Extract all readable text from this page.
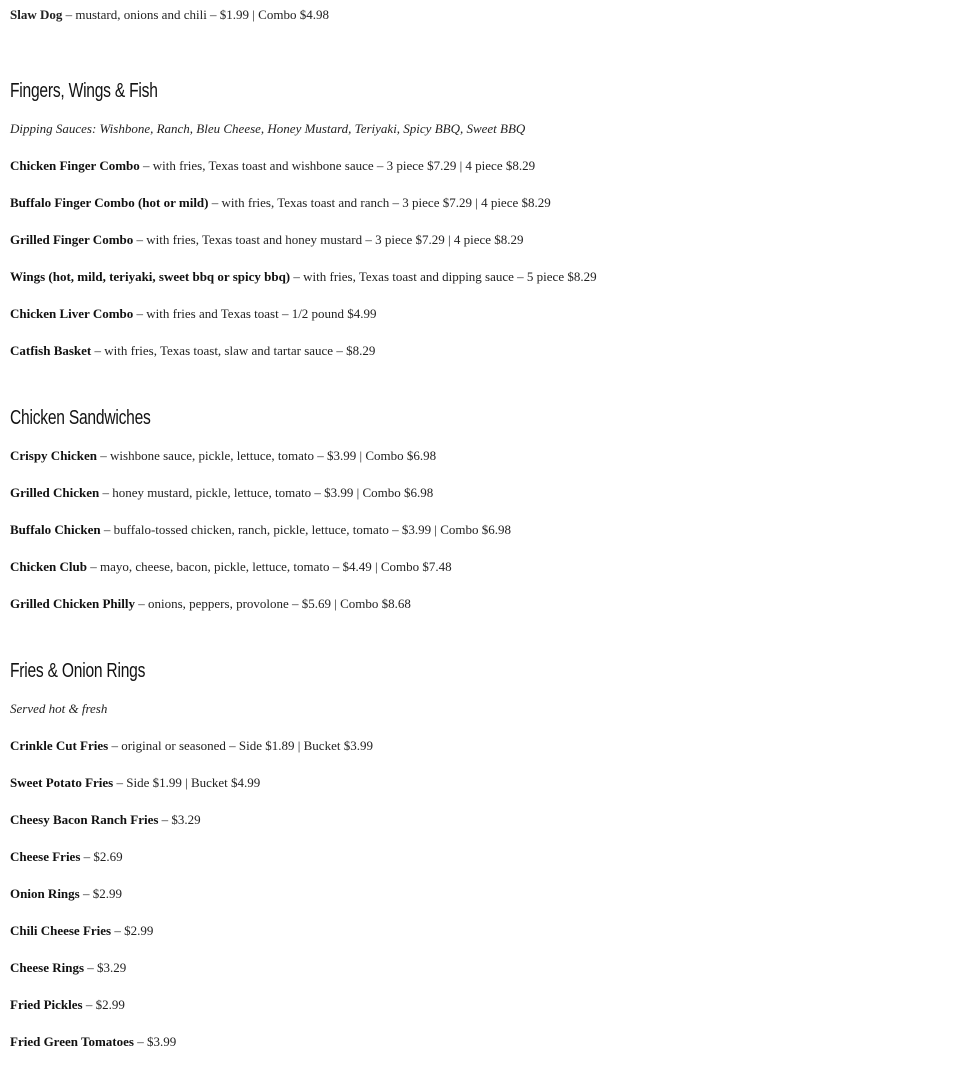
Slaw Dog – mustard, onions and chili – $1.99 | Combo $4.98
Fingers, Wings & Fish
Dipping Sauces: Wishbone, Ranch, Bleu Cheese, Honey Mustard, Teriyaki, Spicy BBQ, Sweet BBQ
Chicken Finger Combo – with fries, Texas toast and wishbone sauce – 3 piece $7.29 | 4 piece $8.29
Buffalo Finger Combo (hot or mild) – with fries, Texas toast and ranch – 3 piece $7.29 | 4 piece $8.29
Grilled Finger Combo – with fries, Texas toast and honey mustard – 3 piece $7.29 | 4 piece $8.29
Wings (hot, mild, teriyaki, sweet bbq or spicy bbq) – with fries, Texas toast and dipping sauce – 5 piece $8.29
Chicken Liver Combo – with fries and Texas toast – 1/2 pound $4.99
Catfish Basket – with fries, Texas toast, slaw and tartar sauce – $8.29
Chicken Sandwiches
Crispy Chicken – wishbone sauce, pickle, lettuce, tomato – $3.99 | Combo $6.98
Grilled Chicken – honey mustard, pickle, lettuce, tomato – $3.99 | Combo $6.98
Buffalo Chicken – buffalo-tossed chicken, ranch, pickle, lettuce, tomato – $3.99 | Combo $6.98
Chicken Club – mayo, cheese, bacon, pickle, lettuce, tomato – $4.49 | Combo $7.48
Grilled Chicken Philly – onions, peppers, provolone – $5.69 | Combo $8.68
Fries & Onion Rings
Served hot & fresh
Crinkle Cut Fries – original or seasoned – Side $1.89 | Bucket $3.99
Sweet Potato Fries – Side $1.99 | Bucket $4.99
Cheesy Bacon Ranch Fries – $3.29
Cheese Fries – $2.69
Onion Rings – $2.99
Chili Cheese Fries – $2.99
Cheese Rings – $3.29
Fried Pickles – $2.99
Fried Green Tomatoes – $3.99
